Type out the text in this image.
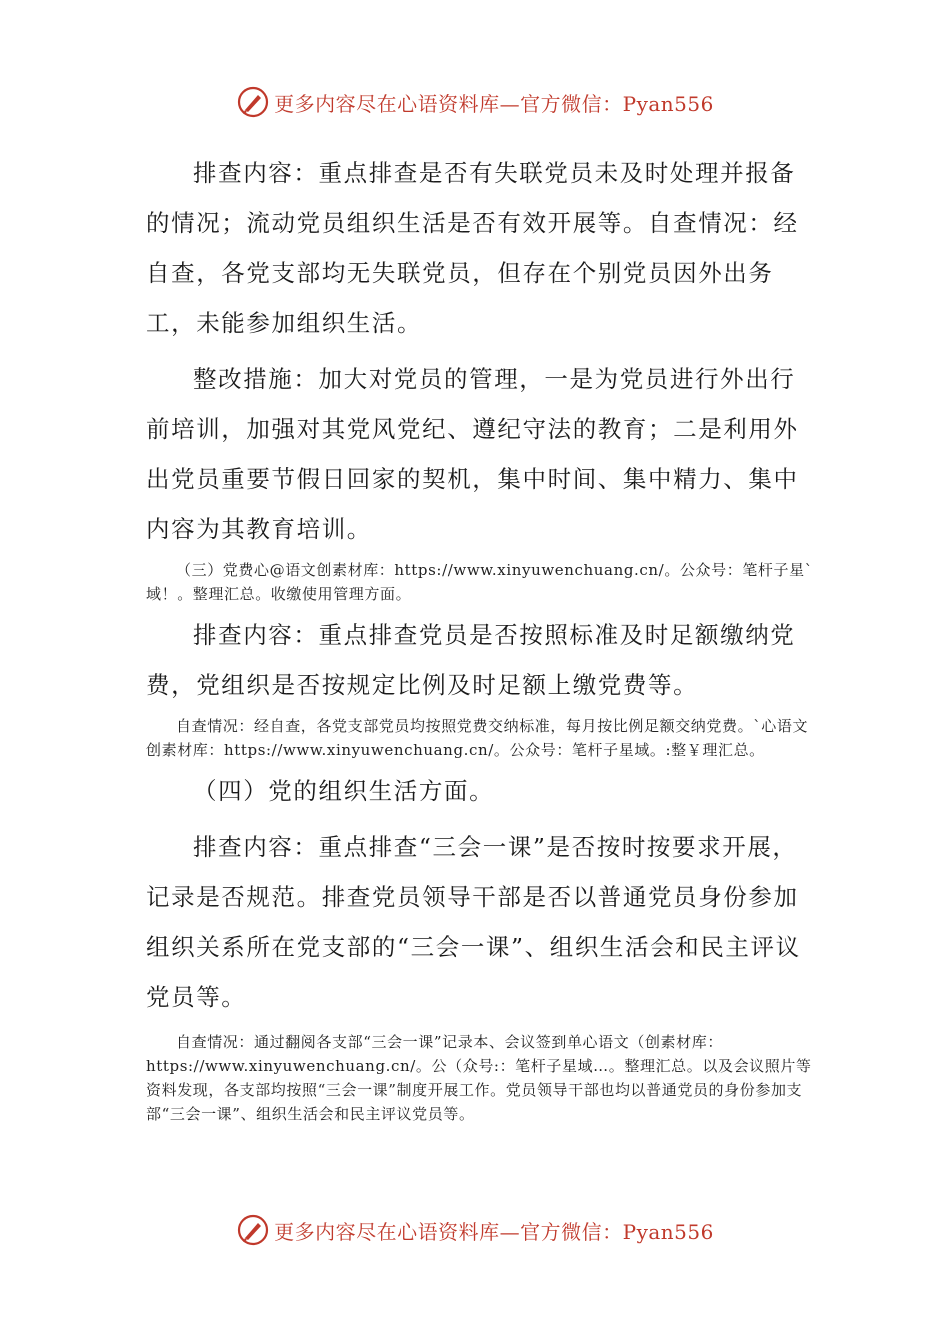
更多内容尽在心语资料库—官方微信：Pyan556

排查内容：重点排查是否有失联党员未及时处理并报备的情况；流动党员组织生活是否有效开展等。自查情况：经自查，各党支部均无失联党员，但存在个别党员因外出务工，未能参加组织生活。

整改措施：加大对党员的管理，一是为党员进行外出行前培训，加强对其党风党纪、遵纪守法的教育；二是利用外出党员重要节假日回家的契机，集中时间、集中精力、集中内容为其教育培训。

（三）党费心@语文创素材库：https://www.xinyuwenchuang.cn/。公众号：笔杆子星`域！。整理汇总。收缴使用管理方面。

排查内容：重点排查党员是否按照标准及时足额缴纳党费，党组织是否按规定比例及时足额上缴党费等。

自查情况：经自查，各党支部党员均按照党费交纳标准，每月按比例足额交纳党费。`心语文创素材库：https://www.xinyuwenchuang.cn/。公众号：笔杆子星域。:整￥理汇总。

（四）党的组织生活方面。

排查内容：重点排查“三会一课”是否按时按要求开展，记录是否规范。排查党员领导干部是否以普通党员身份参加组织关系所在党支部的“三会一课”、组织生活会和民主评议党员等。

自查情况：通过翻阅各支部“三会一课”记录本、会议签到单心语文（创素材库：https://www.xinyuwenchuang.cn/。公（众号:：笔杆子星域…。整理汇总。以及会议照片等资料发现，各支部均按照“三会一课”制度开展工作。党员领导干部也均以普通党员的身份参加支部“三会一课”、组织生活会和民主评议党员等。

更多内容尽在心语资料库—官方微信：Pyan556
